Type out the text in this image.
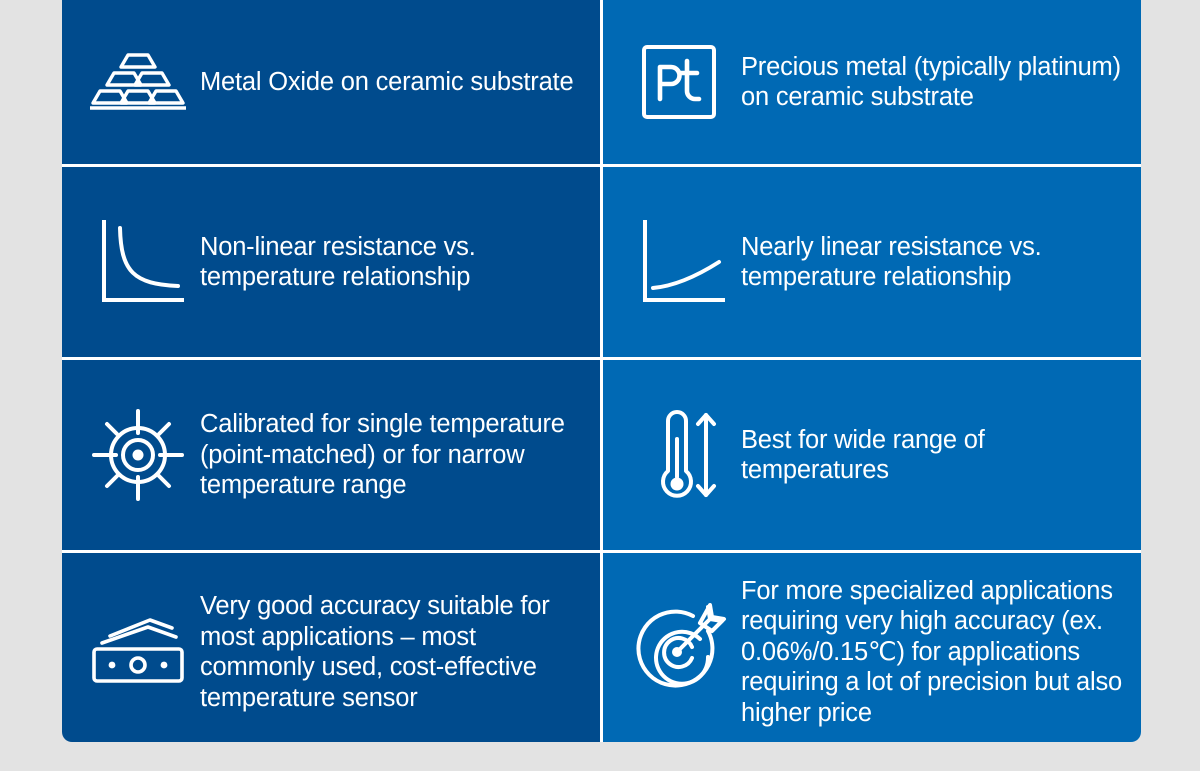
Metal Oxide on ceramic substrate
Precious metal (typically platinum) on ceramic substrate
Non-linear resistance vs. temperature relationship
Nearly linear resistance vs. temperature relationship
Calibrated for single temperature (point-matched) or for narrow temperature range
Best for wide range of temperatures
Very good accuracy suitable for most applications – most commonly used, cost-effective temperature sensor
For more specialized applications requiring very high accuracy (ex. 0.06%/0.15℃) for applications requiring a lot of precision but also higher price
